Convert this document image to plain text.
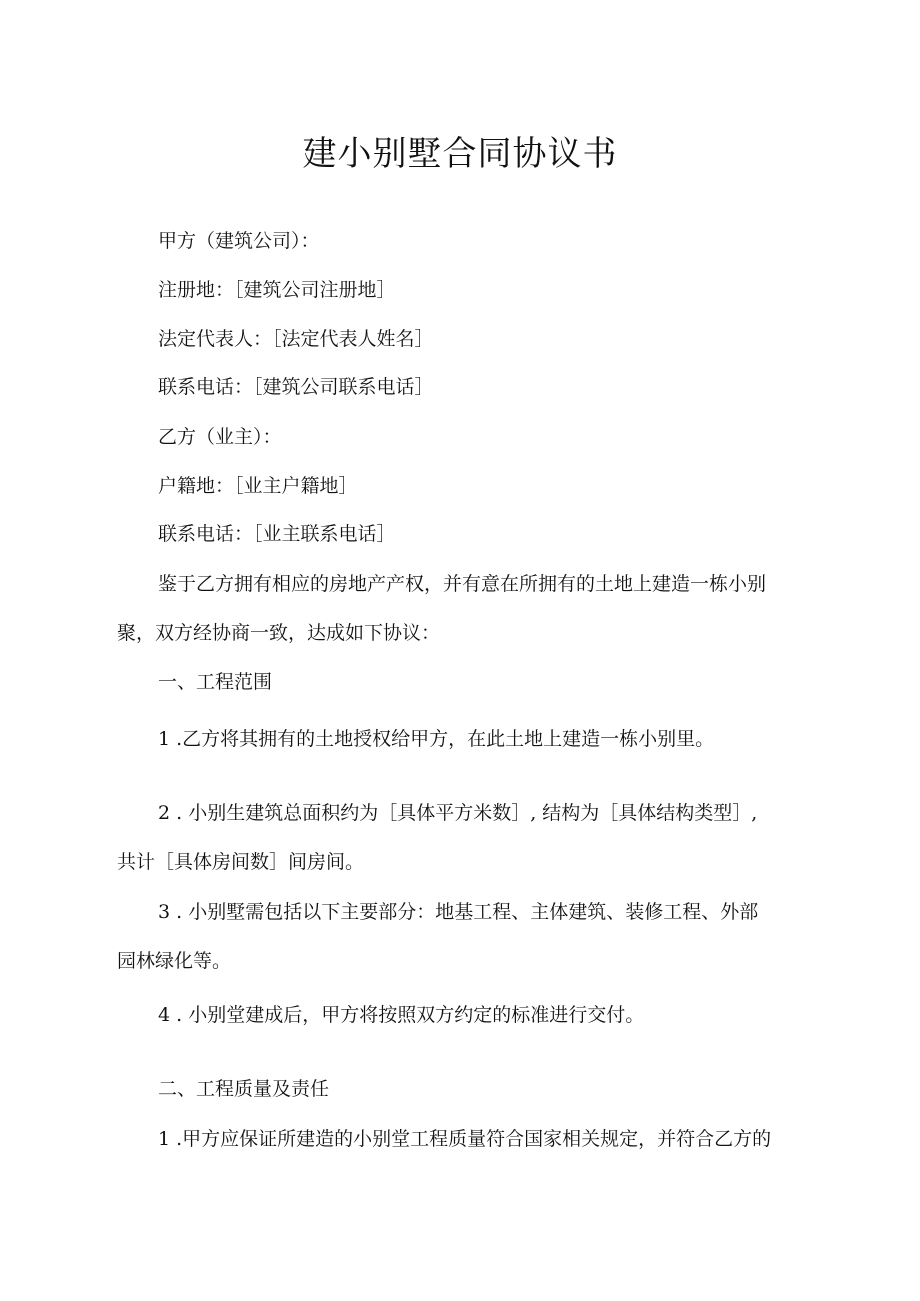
建小别墅合同协议书

甲方（建筑公司）：

注册地：［建筑公司注册地］

法定代表人：［法定代表人姓名］

联系电话：［建筑公司联系电话］

乙方（业主）：

户籍地：［业主户籍地］

联系电话：［业主联系电话］

鉴于乙方拥有相应的房地产产权，并有意在所拥有的土地上建造一栋小别

聚，双方经协商一致，达成如下协议：

一、工程范围

1 .乙方将其拥有的土地授权给甲方，在此土地上建造一栋小别里。

2 . 小别生建筑总面积约为［具体平方米数］, 结构为［具体结构类型］,

共计［具体房间数］间房间。

3 . 小别墅需包括以下主要部分：地基工程、主体建筑、装修工程、外部

园林绿化等。

4 . 小别堂建成后，甲方将按照双方约定的标准进行交付。

二、工程质量及责任

1 .甲方应保证所建造的小别堂工程质量符合国家相关规定，并符合乙方的
